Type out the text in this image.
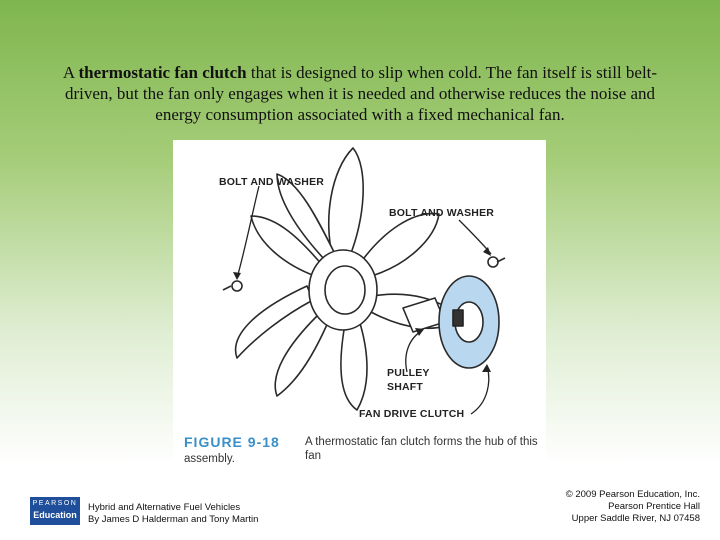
A thermostatic fan clutch that is designed to slip when cold. The fan itself is still belt-driven, but the fan only engages when it is needed and otherwise reduces the noise and energy consumption associated with a fixed mechanical fan.
BOLT AND WASHER
BOLT AND WASHER
PULLEY
SHAFT
FAN DRIVE CLUTCH
FIGURE 9-18 A thermostatic fan clutch forms the hub of this fan
assembly.
PEARSON
Education
Hybrid and Alternative Fuel Vehicles
By James D Halderman and Tony Martin
© 2009 Pearson Education, Inc.
Pearson Prentice Hall
Upper Saddle River, NJ 07458
